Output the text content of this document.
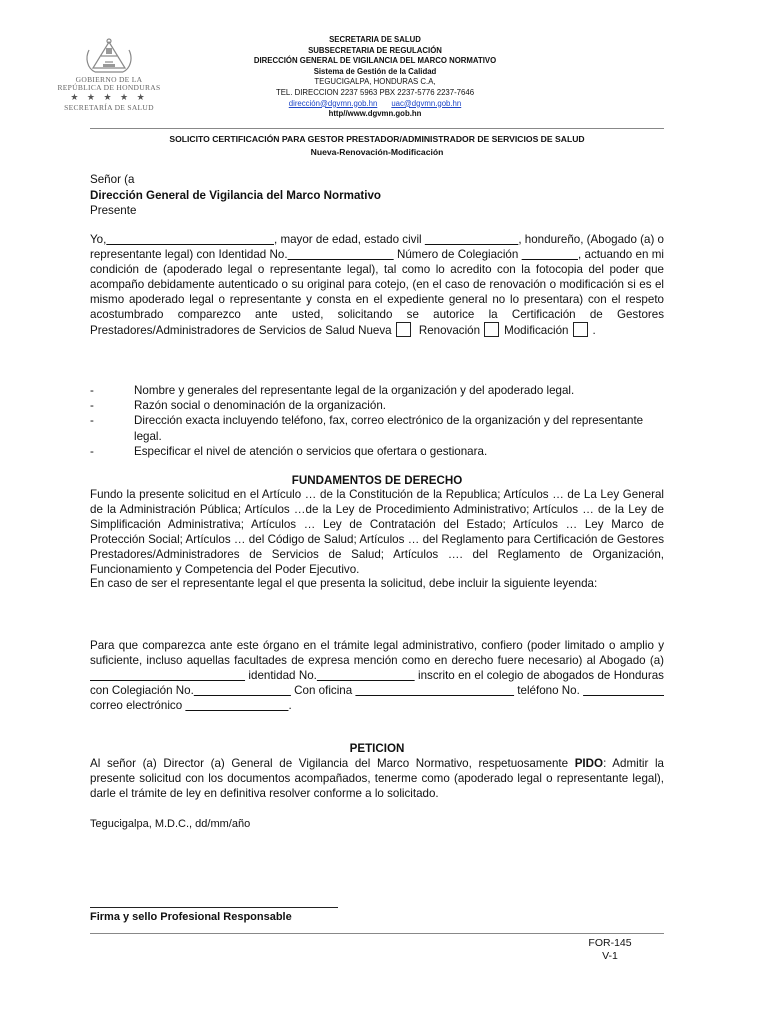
GOBIERNO DE LA
REPÚBLICA DE HONDURAS
★ ★ ★ ★ ★
SECRETARÍA DE SALUD
SECRETARIA DE SALUD
SUBSECRETARIA DE REGULACIÓN
DIRECCIÓN GENERAL DE VIGILANCIA DEL MARCO NORMATIVO
Sistema de Gestión de la Calidad
TEGUCIGALPA, HONDURAS C.A,
TEL. DIRECCION 2237 5963 PBX 2237-5776 2237-7646
dirección@dgvmn.gob.hn uac@dgvmn.gob.hn
http//www.dgvmn.gob.hn
SOLICITO CERTIFICACIÓN PARA GESTOR PRESTADOR/ADMINISTRADOR DE SERVICIOS DE SALUD
Nueva-Renovación-Modificación
Señor (a
Dirección General de Vigilancia del Marco Normativo
Presente
Yo,	, mayor de edad, estado civil	, hondureño, (Abogado (a) o representante legal) con Identidad No.	Número de Colegiación	, actuando en mi condición de (apoderado legal o representante legal), tal como lo acredito con la fotocopia del poder que acompaño debidamente autenticado o su original para cotejo, (en el caso de renovación o modificación si es el mismo apoderado legal o representante y consta en el expediente general no lo presentara) con el respeto acostumbrado comparezco ante usted, solicitando se autorice la Certificación de Gestores Prestadores/Administradores de Servicios de Salud Nueva Renovación Modificación .
-	Nombre y generales del representante legal de la organización y del apoderado legal.
-	Razón social o denominación de la organización.
-	Dirección exacta incluyendo teléfono, fax, correo electrónico de la organización y del representante legal.
-	Especificar el nivel de atención o servicios que ofertara o gestionara.
FUNDAMENTOS DE DERECHO
Fundo la presente solicitud en el Artículo … de la Constitución de la Republica; Artículos … de La Ley General de la Administración Pública; Artículos …de la Ley de Procedimiento Administrativo; Artículos … de la Ley de Simplificación Administrativa; Artículos … Ley de Contratación del Estado; Artículos … Ley Marco de Protección Social; Artículos … del Código de Salud; Artículos … del Reglamento para Certificación de Gestores Prestadores/Administradores de Servicios de Salud; Artículos …. del Reglamento de Organización, Funcionamiento y Competencia del Poder Ejecutivo.
En caso de ser el representante legal el que presenta la solicitud, debe incluir la siguiente leyenda:
Para que comparezca ante este órgano en el trámite legal administrativo, confiero (poder limitado o amplio y suficiente, incluso aquellas facultades de expresa mención como en derecho fuere necesario) al Abogado (a)                                                identidad No.	inscrito en el colegio de abogados de Honduras con Colegiación No.	Con oficina	teléfono No.                           correo electrónico	.
PETICION
Al señor (a) Director (a) General de Vigilancia del Marco Normativo, respetuosamente PIDO: Admitir la presente solicitud con los documentos acompañados, tenerme como (apoderado legal o representante legal), darle el trámite de ley en definitiva resolver conforme a lo solicitado.
Tegucigalpa, M.D.C., dd/mm/año
Firma y sello Profesional Responsable
FOR-145
V-1
